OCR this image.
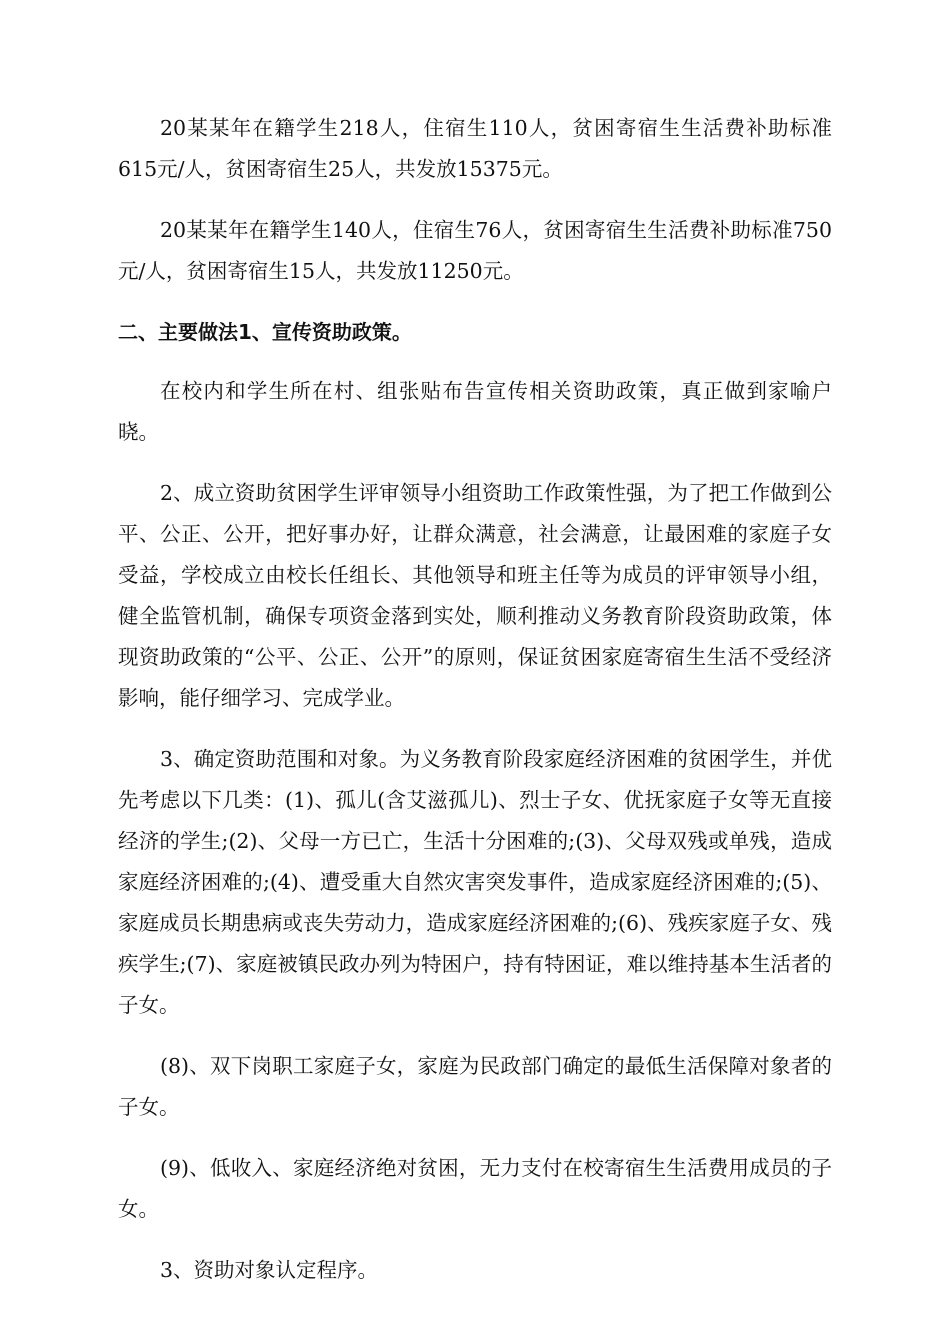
20某某年在籍学生218人，住宿生110人，贫困寄宿生生活费补助标准615元/人，贫困寄宿生25人，共发放15375元。

20某某年在籍学生140人，住宿生76人，贫困寄宿生生活费补助标准750元/人，贫困寄宿生15人，共发放11250元。

二、主要做法1、宣传资助政策。

在校内和学生所在村、组张贴布告宣传相关资助政策，真正做到家喻户晓。

2、成立资助贫困学生评审领导小组资助工作政策性强，为了把工作做到公平、公正、公开，把好事办好，让群众满意，社会满意，让最困难的家庭子女受益，学校成立由校长任组长、其他领导和班主任等为成员的评审领导小组，健全监管机制，确保专项资金落到实处，顺利推动义务教育阶段资助政策，体现资助政策的“公平、公正、公开”的原则，保证贫困家庭寄宿生生活不受经济影响，能仔细学习、完成学业。

3、确定资助范围和对象。为义务教育阶段家庭经济困难的贫困学生，并优先考虑以下几类：(1)、孤儿(含艾滋孤儿)、烈士子女、优抚家庭子女等无直接经济的学生;(2)、父母一方已亡，生活十分困难的;(3)、父母双残或单残，造成家庭经济困难的;(4)、遭受重大自然灾害突发事件，造成家庭经济困难的;(5)、家庭成员长期患病或丧失劳动力，造成家庭经济困难的;(6)、残疾家庭子女、残疾学生;(7)、家庭被镇民政办列为特困户，持有特困证，难以维持基本生活者的子女。

(8)、双下岗职工家庭子女，家庭为民政部门确定的最低生活保障对象者的子女。

(9)、低收入、家庭经济绝对贫困，无力支付在校寄宿生生活费用成员的子女。

3、资助对象认定程序。
